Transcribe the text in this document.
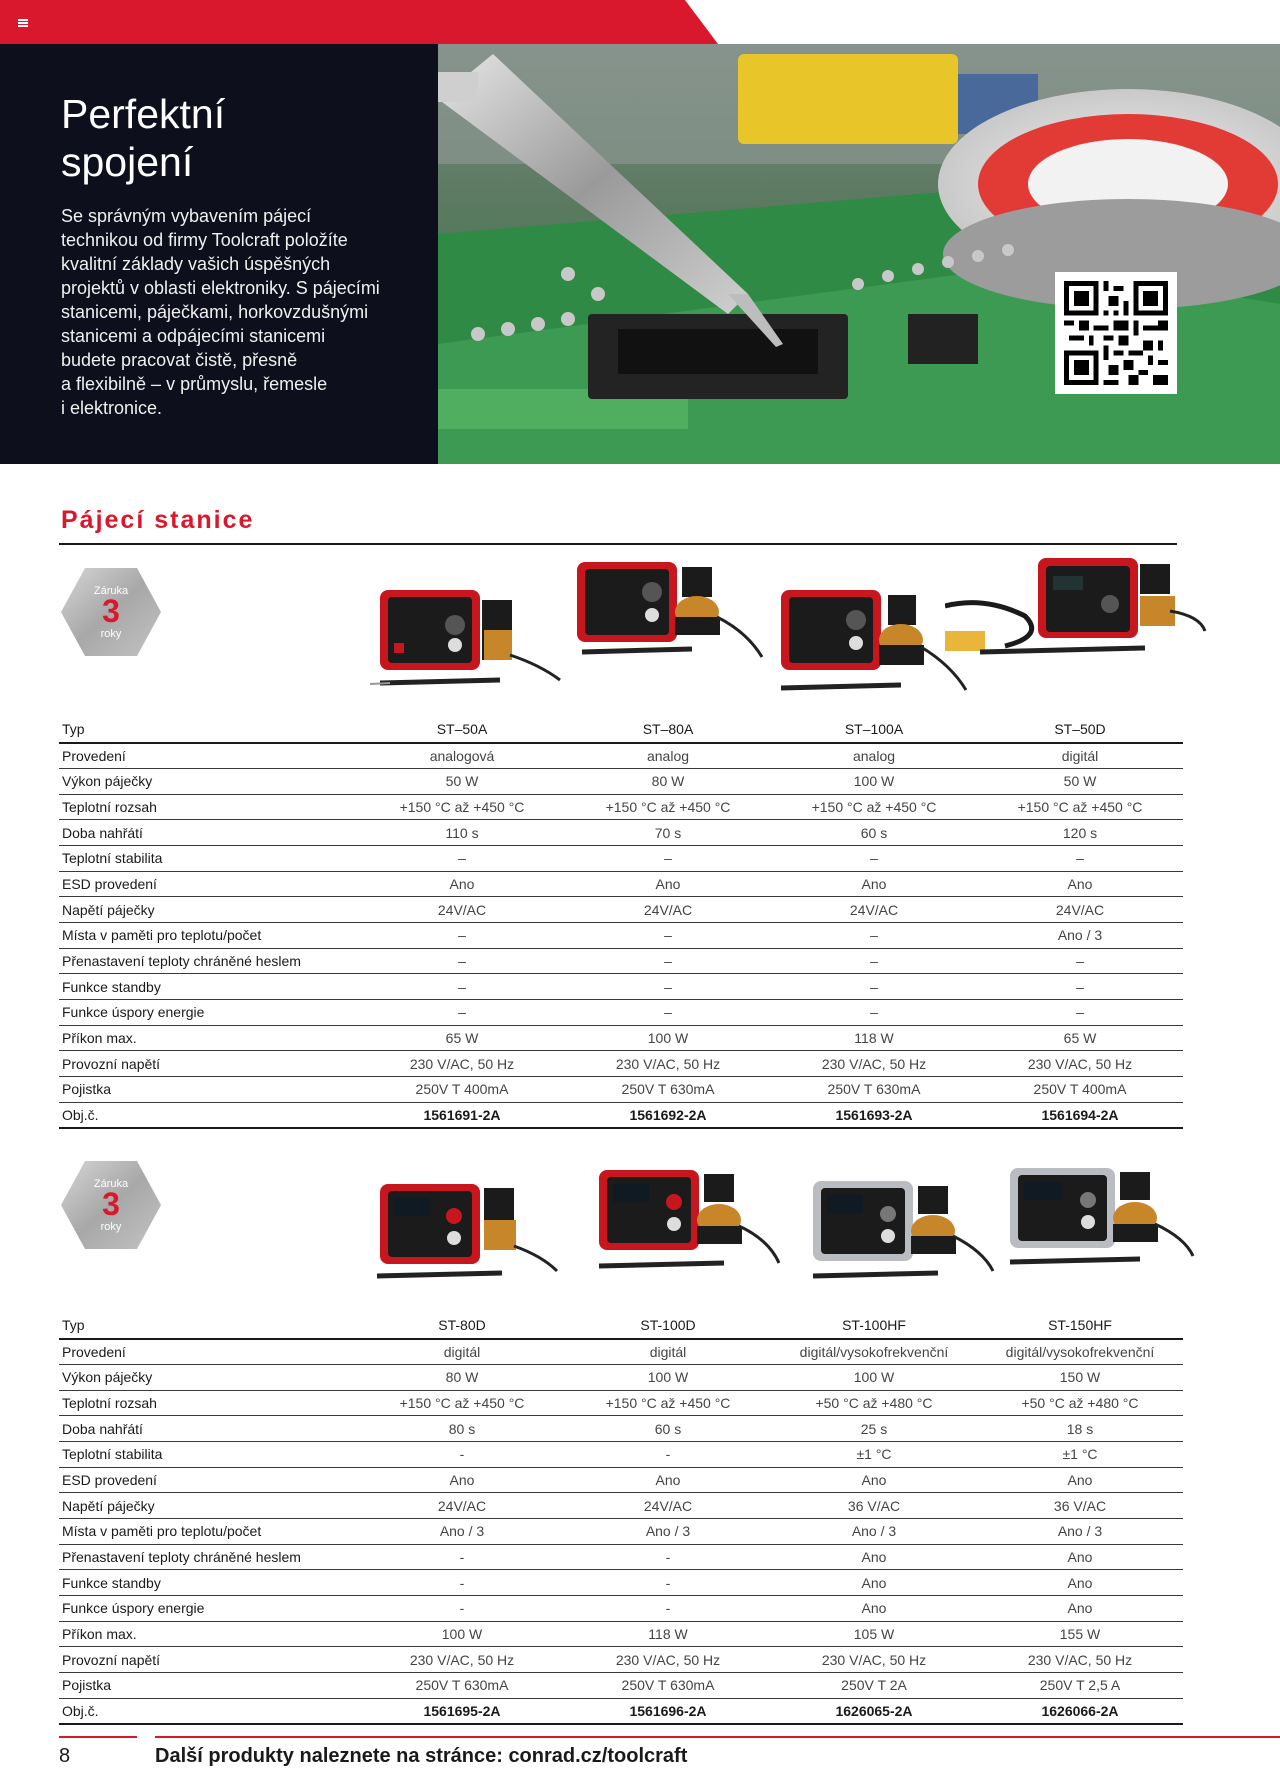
Perfektní
spojení
Se správným vybavením pájecí
technikou od firmy Toolcraft položíte
kvalitní základy vašich úspěšných
projektů v oblasti elektroniky. S pájecími
stanicemi, páječkami, horkovzdušnými
stanicemi a odpájecími stanicemi
budete pracovat čistě, přesně
a flexibilně – v průmyslu, řemesle
i elektronice.
Pájecí stanice
Záruka
3
roky
Typ	ST–50A	ST–80A	ST–100A	ST–50D
Provedení	analogová	analog	analog	digitál
Výkon páječky	50 W	80 W	100 W	50 W
Teplotní rozsah	+150 °C až +450 °C	+150 °C až +450 °C	+150 °C až +450 °C	+150 °C až +450 °C
Doba nahřátí	110 s	70 s	60 s	120 s
Teplotní stabilita	–	–	–	–
ESD provedení	Ano	Ano	Ano	Ano
Napětí páječky	24V/AC	24V/AC	24V/AC	24V/AC
Místa v paměti pro teplotu/počet	–	–	–	Ano / 3
Přenastavení teploty chráněné heslem	–	–	–	–
Funkce standby	–	–	–	–
Funkce úspory energie	–	–	–	–
Příkon max.	65 W	100 W	118 W	65 W
Provozní napětí	230 V/AC, 50 Hz	230 V/AC, 50 Hz	230 V/AC, 50 Hz	230 V/AC, 50 Hz
Pojistka	250V T 400mA	250V T 630mA	250V T 630mA	250V T 400mA
Obj.č.	1561691-2A	1561692-2A	1561693-2A	1561694-2A
Záruka
3
roky
Typ	ST-80D	ST-100D	ST-100HF	ST-150HF
Provedení	digitál	digitál	digitál/vysokofrekvenční	digitál/vysokofrekvenční
Výkon páječky	80 W	100 W	100 W	150 W
Teplotní rozsah	+150 °C až +450 °C	+150 °C až +450 °C	+50 °C až +480 °C	+50 °C až +480 °C
Doba nahřátí	80 s	60 s	25 s	18 s
Teplotní stabilita	-	-	±1 °C	±1 °C
ESD provedení	Ano	Ano	Ano	Ano
Napětí páječky	24V/AC	24V/AC	36 V/AC	36 V/AC
Místa v paměti pro teplotu/počet	Ano / 3	Ano / 3	Ano / 3	Ano / 3
Přenastavení teploty chráněné heslem	-	-	Ano	Ano
Funkce standby	-	-	Ano	Ano
Funkce úspory energie	-	-	Ano	Ano
Příkon max.	100 W	118 W	105 W	155 W
Provozní napětí	230 V/AC, 50 Hz	230 V/AC, 50 Hz	230 V/AC, 50 Hz	230 V/AC, 50 Hz
Pojistka	250V T 630mA	250V T 630mA	250V T 2A	250V T 2,5 A
Obj.č.	1561695-2A	1561696-2A	1626065-2A	1626066-2A
8	Další produkty naleznete na stránce: conrad.cz/toolcraft
